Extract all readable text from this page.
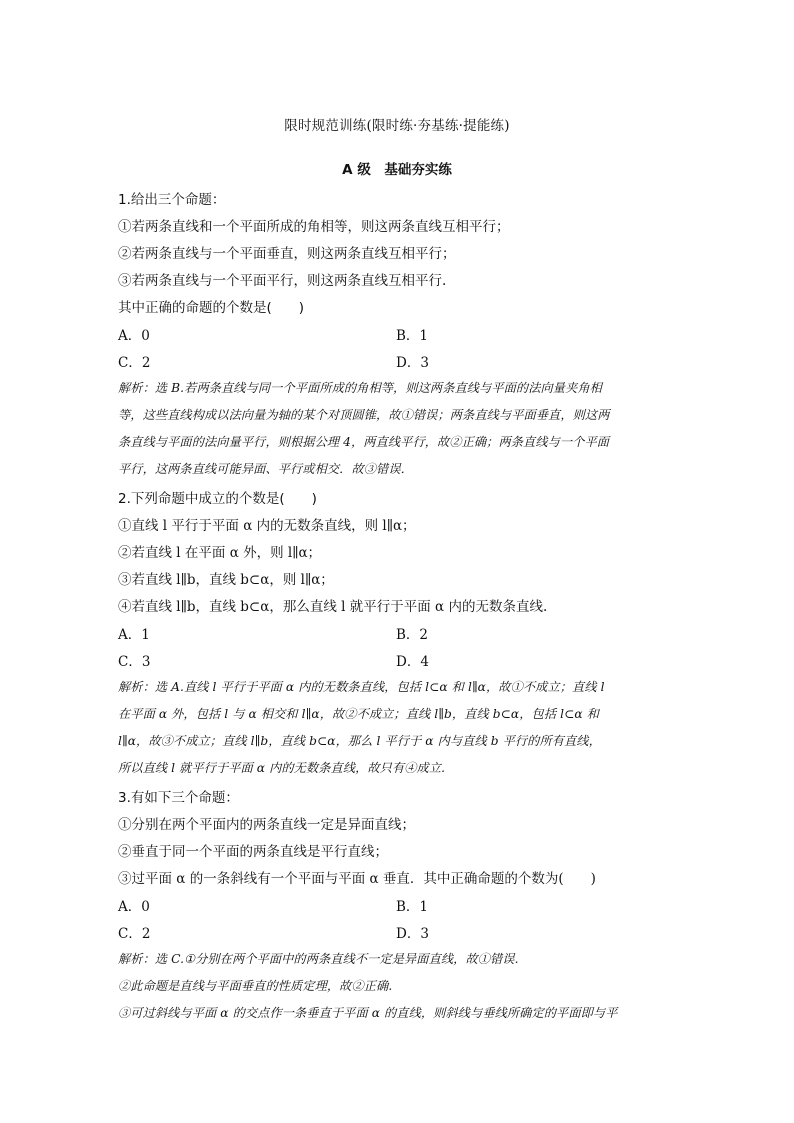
限时规范训练(限时练·夯基练·提能练)
A 级　基础夯实练
1.给出三个命题：
①若两条直线和一个平面所成的角相等，则这两条直线互相平行；
②若两条直线与一个平面垂直，则这两条直线互相平行；
③若两条直线与一个平面平行，则这两条直线互相平行.
其中正确的命题的个数是(　　)
A．0	B．1
C．2	D．3
解析：选 B.若两条直线与同一个平面所成的角相等，则这两条直线与平面的法向量夹角相
等，这些直线构成以法向量为轴的某个对顶圆锥，故①错误；两条直线与平面垂直，则这两
条直线与平面的法向量平行，则根据公理 4，两直线平行，故②正确；两条直线与一个平面
平行，这两条直线可能异面、平行或相交．故③错误．
2.下列命题中成立的个数是(　　)
①直线 l 平行于平面 α 内的无数条直线，则 l∥α；
②若直线 l 在平面 α 外，则 l∥α；
③若直线 l∥b，直线 b⊂α，则 l∥α；
④若直线 l∥b，直线 b⊂α，那么直线 l 就平行于平面 α 内的无数条直线.
A．1	B．2
C．3	D．4
解析：选 A.直线 l 平行于平面 α 内的无数条直线，包括 l⊂α 和 l∥α，故①不成立；直线 l
在平面 α 外，包括 l 与 α 相交和 l∥α，故②不成立；直线 l∥b，直线 b⊂α，包括 l⊂α 和
l∥α，故③不成立；直线 l∥b，直线 b⊂α，那么 l 平行于 α 内与直线 b 平行的所有直线，
所以直线 l 就平行于平面 α 内的无数条直线，故只有④成立.
3.有如下三个命题：
①分别在两个平面内的两条直线一定是异面直线；
②垂直于同一个平面的两条直线是平行直线；
③过平面 α 的一条斜线有一个平面与平面 α 垂直．其中正确命题的个数为(　　)
A．0	B．1
C．2	D．3
解析：选 C.①分别在两个平面中的两条直线不一定是异面直线，故①错误.
②此命题是直线与平面垂直的性质定理，故②正确.
③可过斜线与平面 α 的交点作一条垂直于平面 α 的直线，则斜线与垂线所确定的平面即与平
